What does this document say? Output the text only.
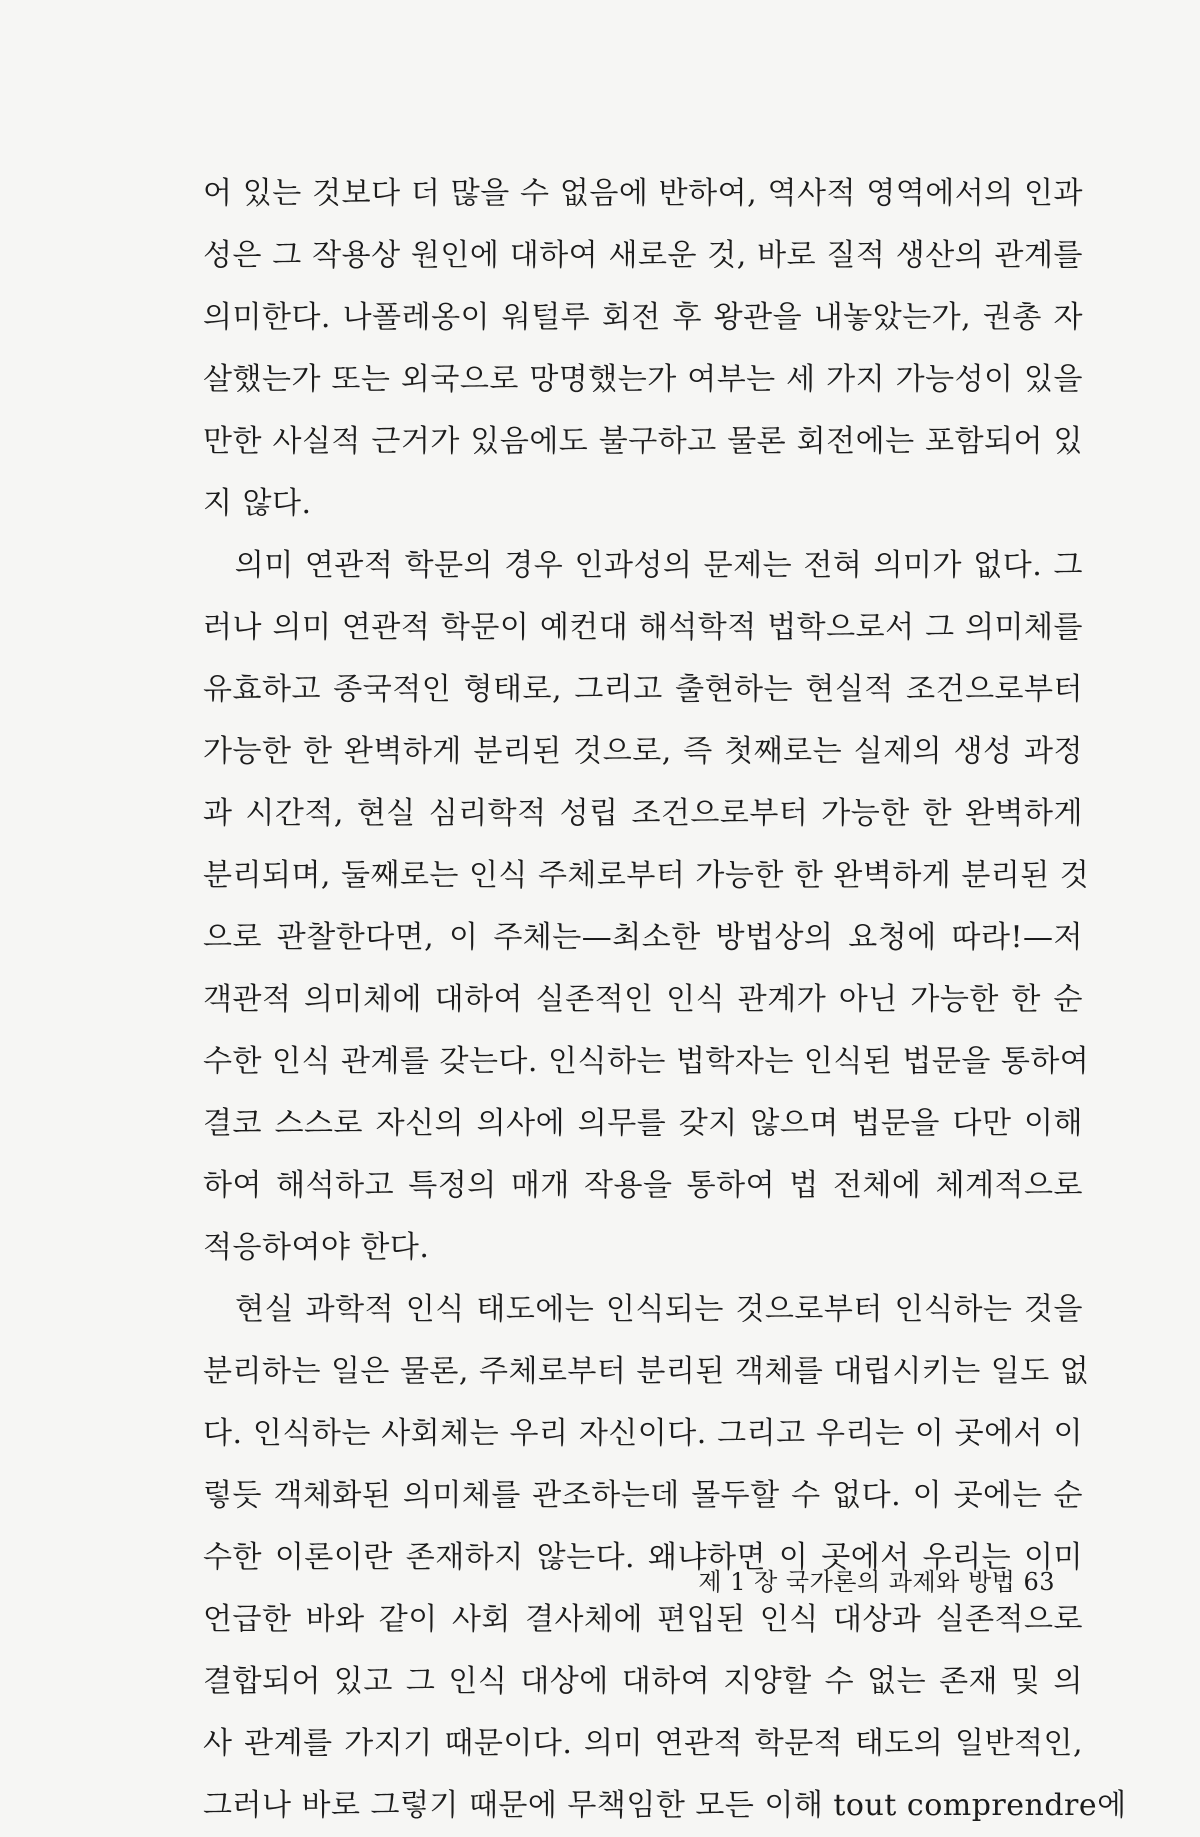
어 있는 것보다 더 많을 수 없음에 반하여, 역사적 영역에서의 인과
성은 그 작용상 원인에 대하여 새로운 것, 바로 질적 생산의 관계를
의미한다. 나폴레옹이 워털루 회전 후 왕관을 내놓았는가, 권총 자
살했는가 또는 외국으로 망명했는가 여부는 세 가지 가능성이 있을
만한 사실적 근거가 있음에도 불구하고 물론 회전에는 포함되어 있
지 않다.
　의미 연관적 학문의 경우 인과성의 문제는 전혀 의미가 없다. 그
러나 의미 연관적 학문이 예컨대 해석학적 법학으로서 그 의미체를
유효하고 종국적인 형태로, 그리고 출현하는 현실적 조건으로부터
가능한 한 완벽하게 분리된 것으로, 즉 첫째로는 실제의 생성 과정
과 시간적, 현실 심리학적 성립 조건으로부터 가능한 한 완벽하게
분리되며, 둘째로는 인식 주체로부터 가능한 한 완벽하게 분리된 것
으로 관찰한다면, 이 주체는—최소한 방법상의 요청에 따라!—저
객관적 의미체에 대하여 실존적인 인식 관계가 아닌 가능한 한 순
수한 인식 관계를 갖는다. 인식하는 법학자는 인식된 법문을 통하여
결코 스스로 자신의 의사에 의무를 갖지 않으며 법문을 다만 이해
하여 해석하고 특정의 매개 작용을 통하여 법 전체에 체계적으로
적응하여야 한다.
　현실 과학적 인식 태도에는 인식되는 것으로부터 인식하는 것을
분리하는 일은 물론, 주체로부터 분리된 객체를 대립시키는 일도 없
다. 인식하는 사회체는 우리 자신이다. 그리고 우리는 이 곳에서 이
렇듯 객체화된 의미체를 관조하는데 몰두할 수 없다. 이 곳에는 순
수한 이론이란 존재하지 않는다. 왜냐하면 이 곳에서 우리는 이미
언급한 바와 같이 사회 결사체에 편입된 인식 대상과 실존적으로
결합되어 있고 그 인식 대상에 대하여 지양할 수 없는 존재 및 의
사 관계를 가지기 때문이다. 의미 연관적 학문적 태도의 일반적인,
그러나 바로 그렇기 때문에 무책임한 모든 이해 tout comprendre에
제 1 장 국가론의 과제와 방법 63
